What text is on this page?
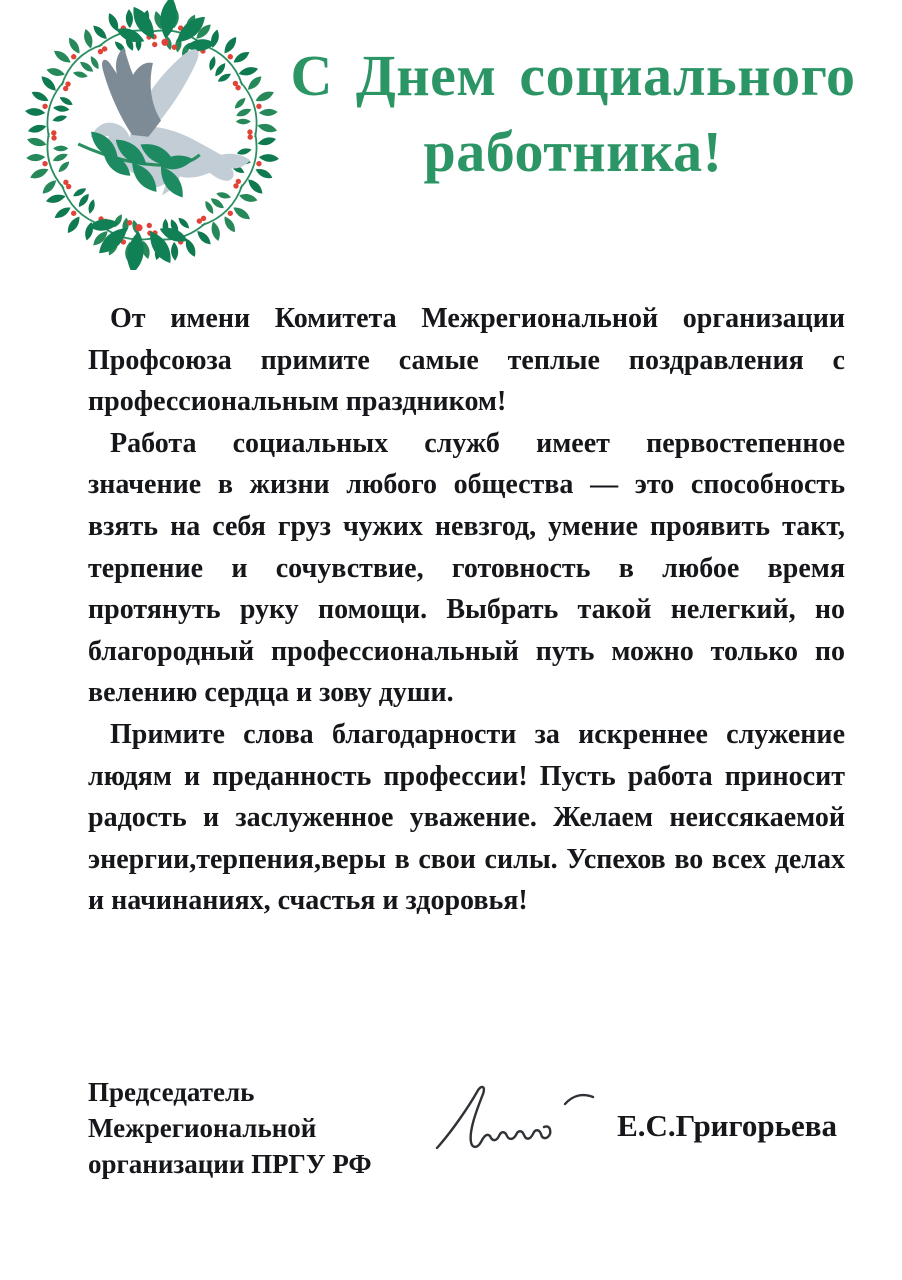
С Днем социального
работника!

От имени Комитета Межрегиональной организации Профсоюза примите самые теплые поздравления с профессиональным праздником!

Работа социальных служб имеет первостепенное значение в жизни любого общества — это способность взять на себя груз чужих невзгод, умение проявить такт, терпение и сочувствие, готовность в любое время протянуть руку помощи. Выбрать такой нелегкий, но благородный профессиональный путь можно только по велению сердца и зову души.

Примите слова благодарности за искреннее служение людям и преданность профессии! Пусть работа приносит радость и заслуженное уважение. Желаем неиссякаемой энергии,терпения,веры в свои силы. Успехов во всех делах и начинаниях, счастья и здоровья!

Председатель
Межрегиональной
организации ПРГУ РФ
Е.С.Григорьева
